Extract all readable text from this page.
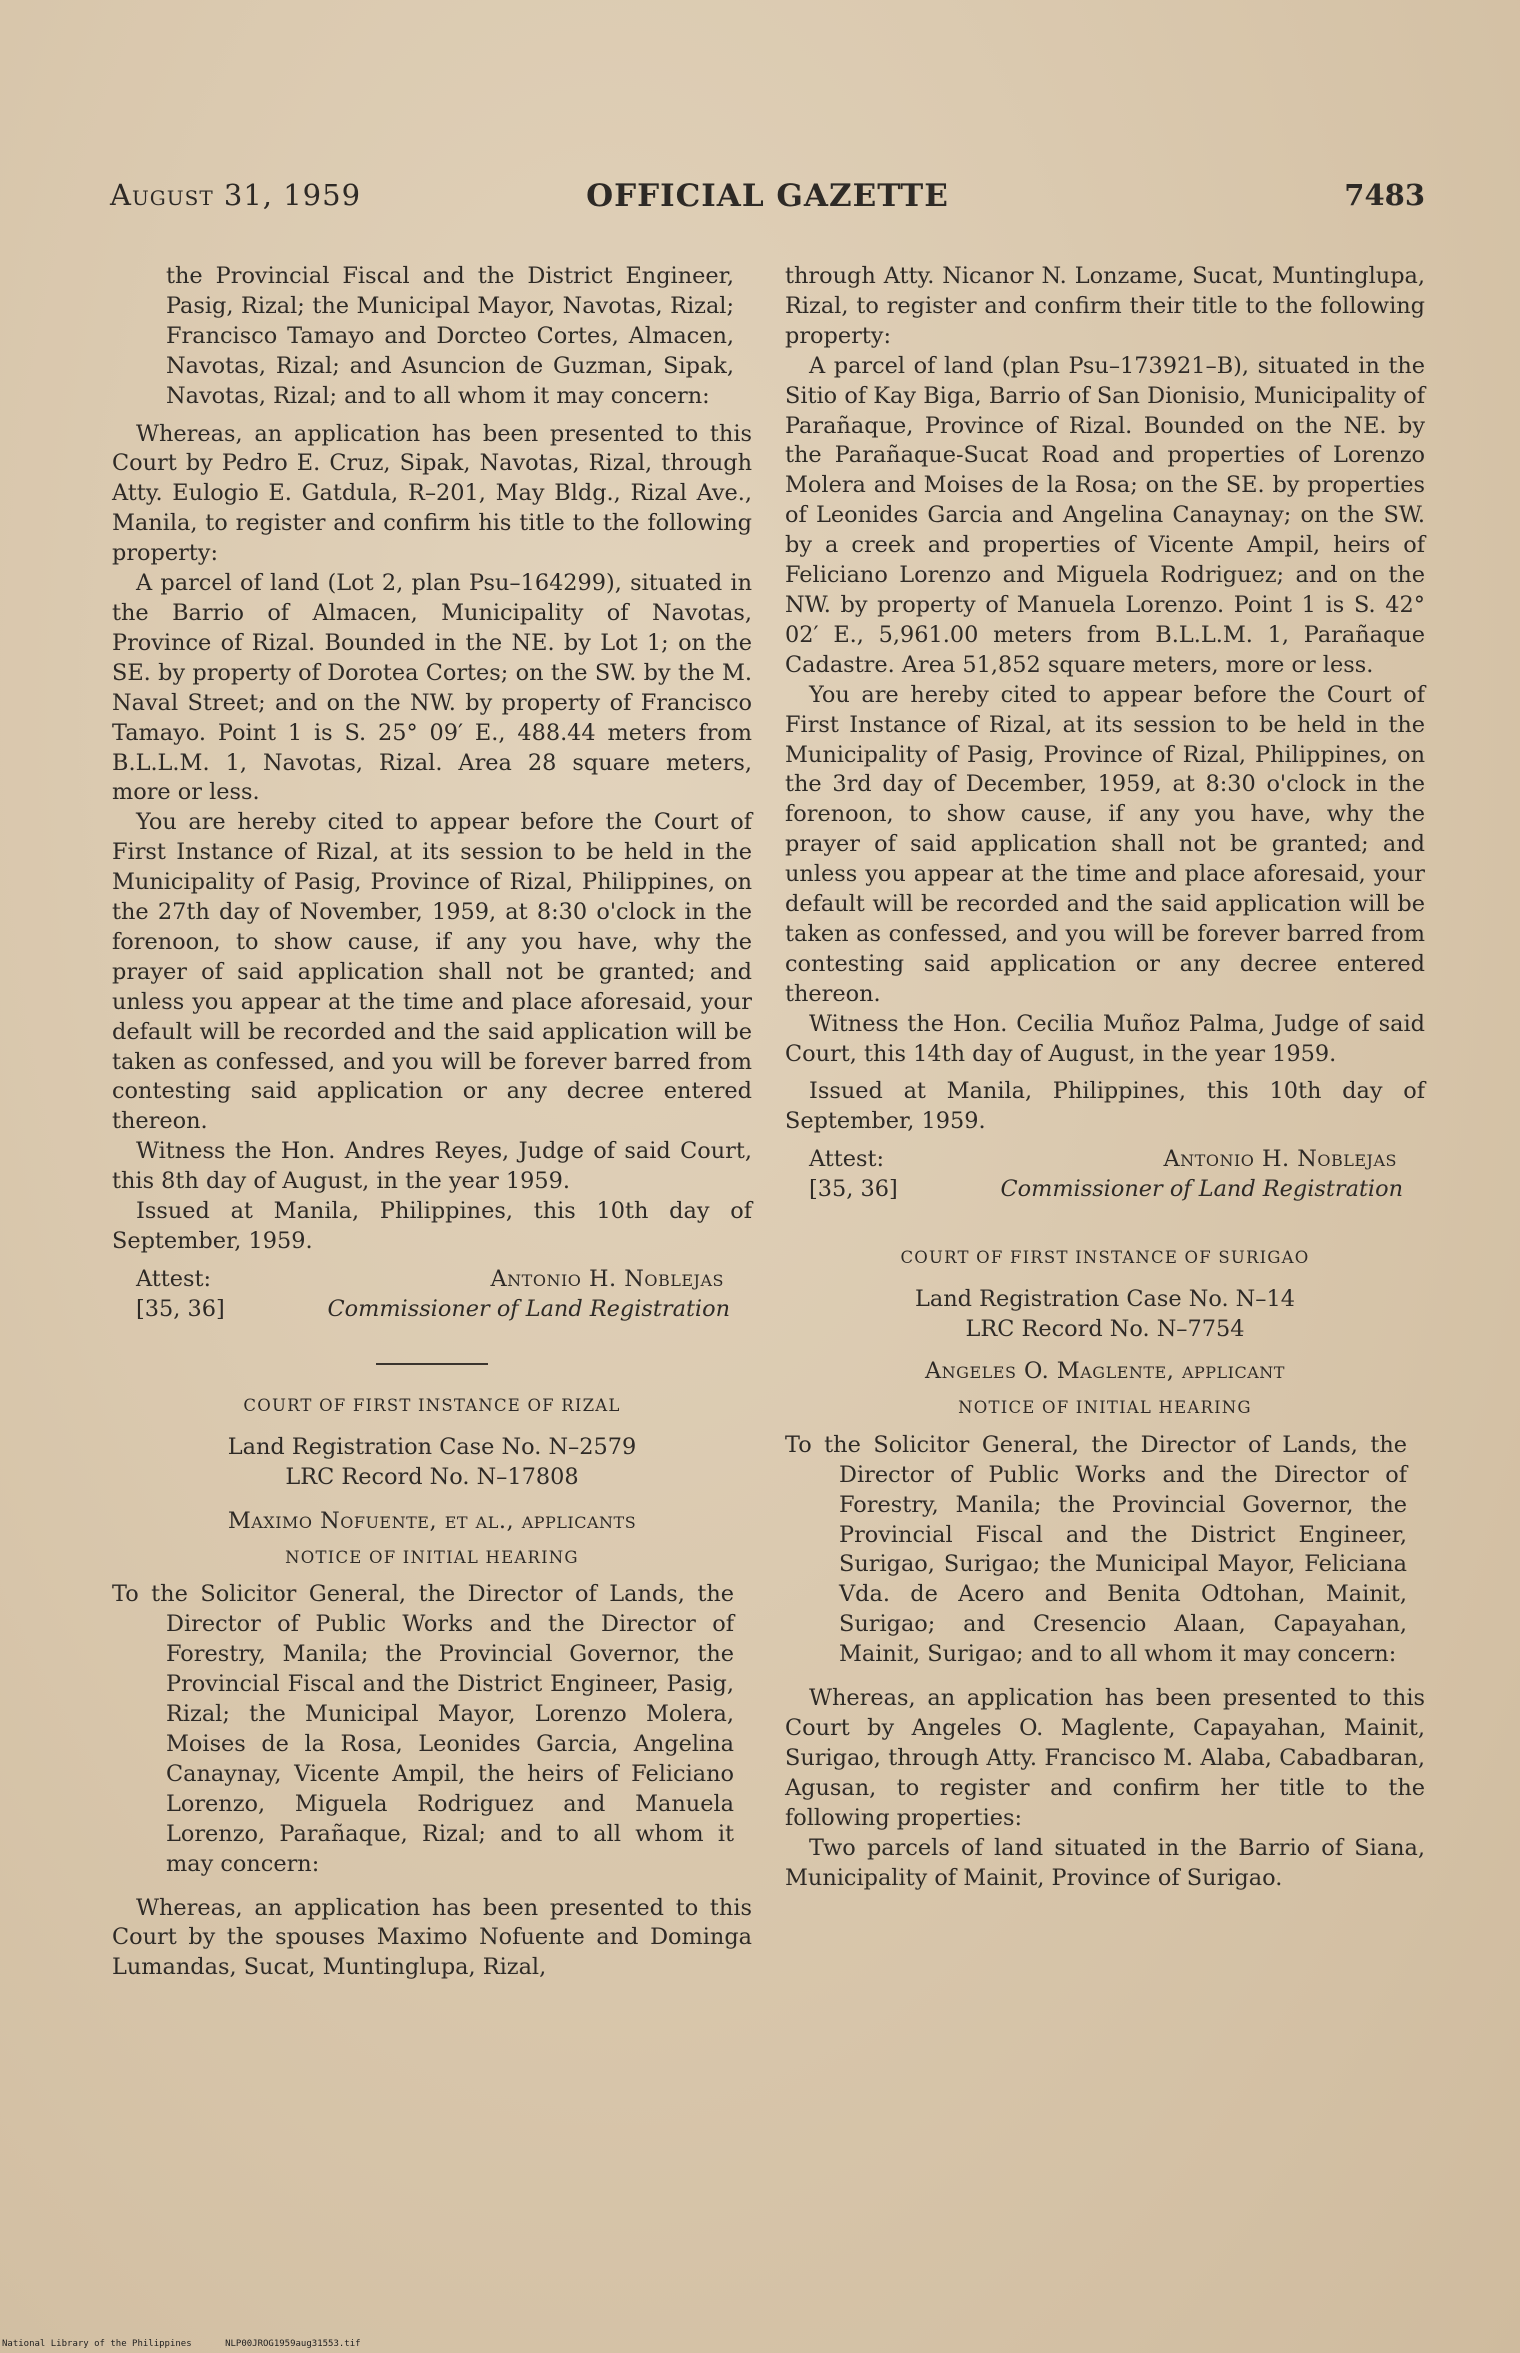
August 31, 1959	OFFICIAL GAZETTE	7483

the Provincial Fiscal and the District Engineer, Pasig, Rizal; the Municipal Mayor, Navotas, Rizal; Francisco Tamayo and Dorcteo Cortes, Almacen, Navotas, Rizal; and Asuncion de Guzman, Sipak, Navotas, Rizal; and to all whom it may concern:

Whereas, an application has been presented to this Court by Pedro E. Cruz, Sipak, Navotas, Rizal, through Atty. Eulogio E. Gatdula, R–201, May Bldg., Rizal Ave., Manila, to register and confirm his title to the following property:

A parcel of land (Lot 2, plan Psu–164299), situated in the Barrio of Almacen, Municipality of Navotas, Province of Rizal. Bounded in the NE. by Lot 1; on the SE. by property of Dorotea Cortes; on the SW. by the M. Naval Street; and on the NW. by property of Francisco Tamayo. Point 1 is S. 25° 09′ E., 488.44 meters from B.L.L.M. 1, Navotas, Rizal. Area 28 square meters, more or less.

You are hereby cited to appear before the Court of First Instance of Rizal, at its session to be held in the Municipality of Pasig, Province of Rizal, Philippines, on the 27th day of November, 1959, at 8:30 o'clock in the forenoon, to show cause, if any you have, why the prayer of said application shall not be granted; and unless you appear at the time and place aforesaid, your default will be recorded and the said application will be taken as confessed, and you will be forever barred from contesting said application or any decree entered thereon.

Witness the Hon. Andres Reyes, Judge of said Court, this 8th day of August, in the year 1959.

Issued at Manila, Philippines, this 10th day of September, 1959.

Attest:	Antonio H. Noblejas
[35, 36]	Commissioner of Land Registration
COURT OF FIRST INSTANCE OF RIZAL
Land Registration Case No. N–2579
LRC Record No. N–17808
Maximo Nofuente, et al., applicants
NOTICE OF INITIAL HEARING

To the Solicitor General, the Director of Lands, the Director of Public Works and the Director of Forestry, Manila; the Provincial Governor, the Provincial Fiscal and the District Engineer, Pasig, Rizal; the Municipal Mayor, Lorenzo Molera, Moises de la Rosa, Leonides Garcia, Angelina Canaynay, Vicente Ampil, the heirs of Feliciano Lorenzo, Miguela Rodriguez and Manuela Lorenzo, Parañaque, Rizal; and to all whom it may concern:

Whereas, an application has been presented to this Court by the spouses Maximo Nofuente and Dominga Lumandas, Sucat, Muntinglupa, Rizal,

through Atty. Nicanor N. Lonzame, Sucat, Muntinglupa, Rizal, to register and confirm their title to the following property:

A parcel of land (plan Psu–173921–B), situated in the Sitio of Kay Biga, Barrio of San Dionisio, Municipality of Parañaque, Province of Rizal. Bounded on the NE. by the Parañaque-Sucat Road and properties of Lorenzo Molera and Moises de la Rosa; on the SE. by properties of Leonides Garcia and Angelina Canaynay; on the SW. by a creek and properties of Vicente Ampil, heirs of Feliciano Lorenzo and Miguela Rodriguez; and on the NW. by property of Manuela Lorenzo. Point 1 is S. 42° 02′ E., 5,961.00 meters from B.L.L.M. 1, Parañaque Cadastre. Area 51,852 square meters, more or less.

You are hereby cited to appear before the Court of First Instance of Rizal, at its session to be held in the Municipality of Pasig, Province of Rizal, Philippines, on the 3rd day of December, 1959, at 8:30 o'clock in the forenoon, to show cause, if any you have, why the prayer of said application shall not be granted; and unless you appear at the time and place aforesaid, your default will be recorded and the said application will be taken as confessed, and you will be forever barred from contesting said application or any decree entered thereon.

Witness the Hon. Cecilia Muñoz Palma, Judge of said Court, this 14th day of August, in the year 1959.

Issued at Manila, Philippines, this 10th day of September, 1959.

Attest:	Antonio H. Noblejas
[35, 36]	Commissioner of Land Registration
COURT OF FIRST INSTANCE OF SURIGAO
Land Registration Case No. N–14
LRC Record No. N–7754
Angeles O. Maglente, applicant
NOTICE OF INITIAL HEARING

To the Solicitor General, the Director of Lands, the Director of Public Works and the Director of Forestry, Manila; the Provincial Governor, the Provincial Fiscal and the District Engineer, Surigao, Surigao; the Municipal Mayor, Feliciana Vda. de Acero and Benita Odtohan, Mainit, Surigao; and Cresencio Alaan, Capayahan, Mainit, Surigao; and to all whom it may concern:

Whereas, an application has been presented to this Court by Angeles O. Maglente, Capayahan, Mainit, Surigao, through Atty. Francisco M. Alaba, Cabadbaran, Agusan, to register and confirm her title to the following properties:

Two parcels of land situated in the Barrio of Siana, Municipality of Mainit, Province of Surigao.

National Library of the Philippines	NLP00JROG1959aug31553.tif
